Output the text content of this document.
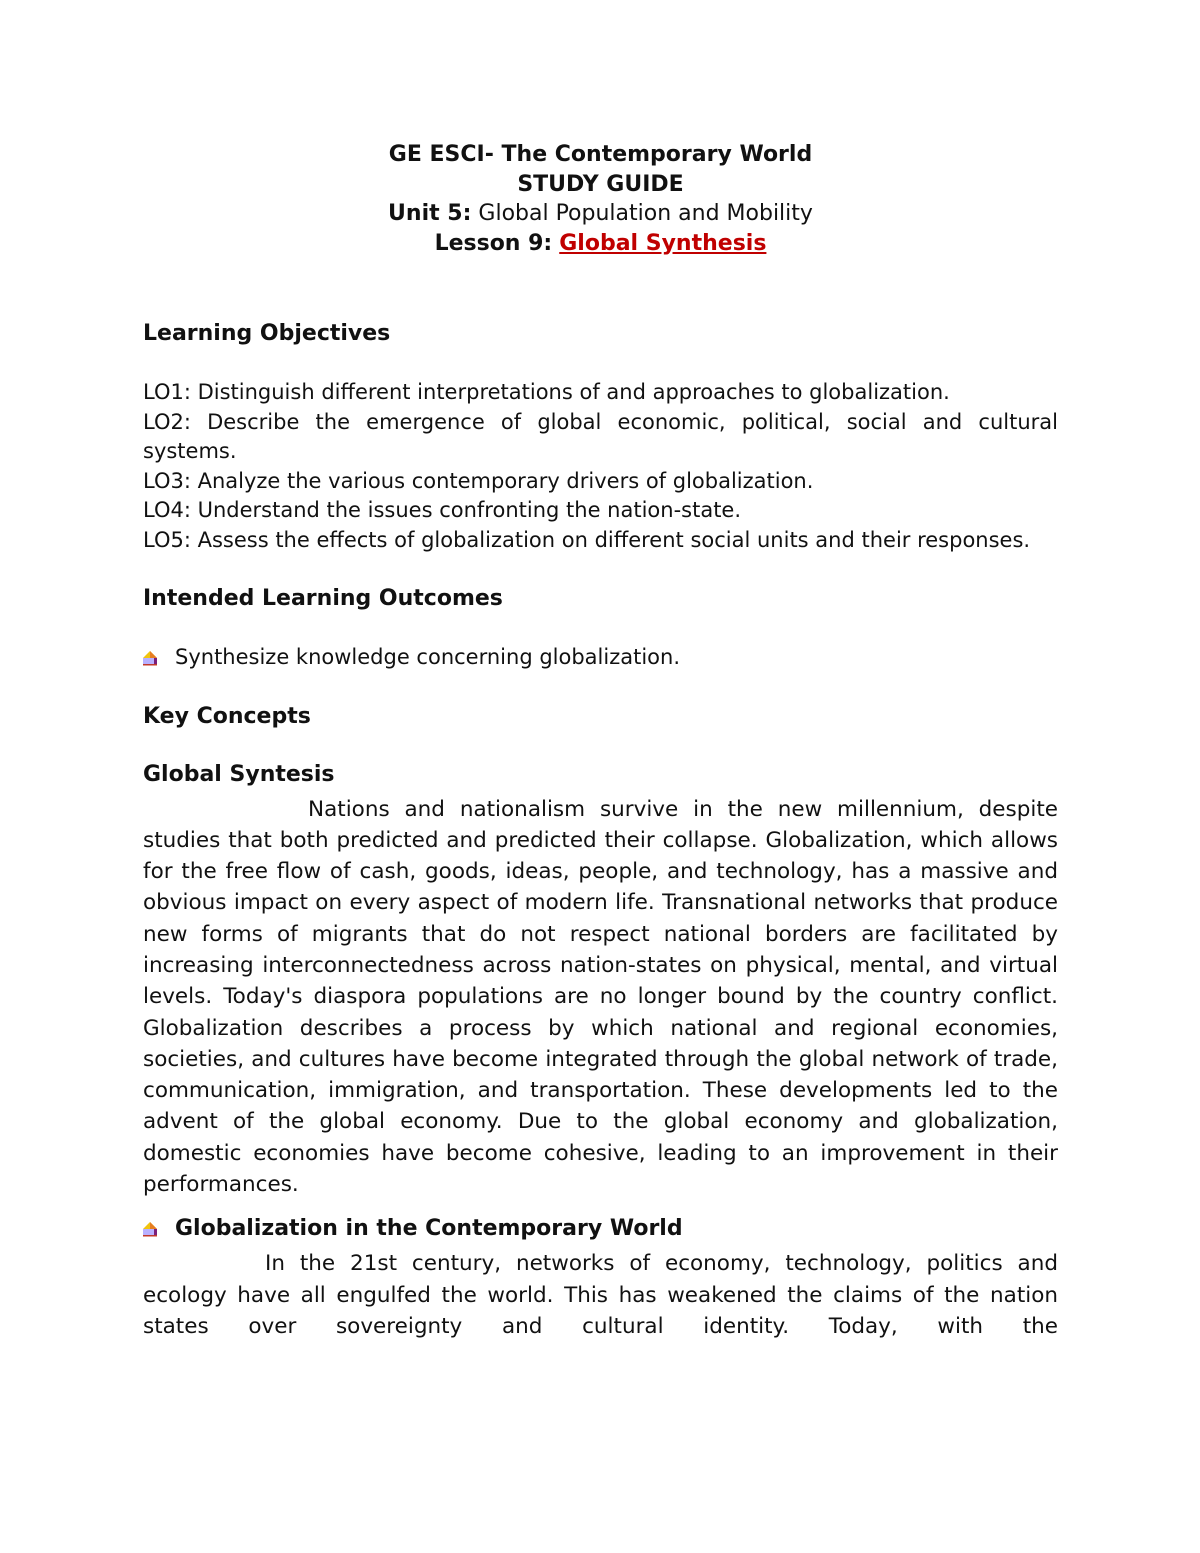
GE ESCI- The Contemporary World
STUDY GUIDE
Unit 5: Global Population and Mobility
Lesson 9: Global Synthesis
Learning Objectives
LO1: Distinguish different interpretations of and approaches to globalization.
LO2: Describe the emergence of global economic, political, social and cultural systems.
LO3: Analyze the various contemporary drivers of globalization.
LO4: Understand the issues confronting the nation-state.
LO5: Assess the effects of globalization on different social units and their responses.
Intended Learning Outcomes
Synthesize knowledge concerning globalization.
Key Concepts
Global Syntesis
Nations and nationalism survive in the new millennium, despite studies that both predicted and predicted their collapse. Globalization, which allows for the free flow of cash, goods, ideas, people, and technology, has a massive and obvious impact on every aspect of modern life. Transnational networks that produce new forms of migrants that do not respect national borders are facilitated by increasing interconnectedness across nation-states on physical, mental, and virtual levels. Today's diaspora populations are no longer bound by the country conflict. Globalization describes a process by which national and regional economies, societies, and cultures have become integrated through the global network of trade, communication, immigration, and transportation. These developments led to the advent of the global economy. Due to the global economy and globalization, domestic economies have become cohesive, leading to an improvement in their performances.
Globalization in the Contemporary World
In the 21st century, networks of economy, technology, politics and ecology have all engulfed the world. This has weakened the claims of the nation states over sovereignty and cultural identity. Today, with the
